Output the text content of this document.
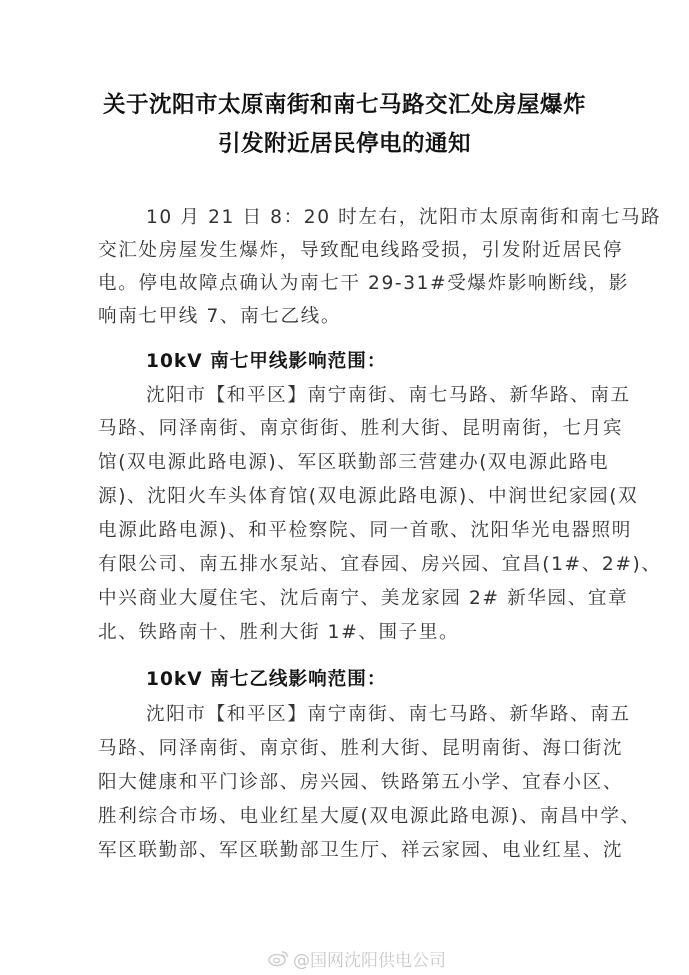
关于沈阳市太原南街和南七马路交汇处房屋爆炸
引发附近居民停电的通知
10 月 21 日 8：20 时左右，沈阳市太原南街和南七马路
交汇处房屋发生爆炸，导致配电线路受损，引发附近居民停
电。停电故障点确认为南七干 29-31#受爆炸影响断线，影
响南七甲线 7、南七乙线。
10kV 南七甲线影响范围：
沈阳市【和平区】南宁南街、南七马路、新华路、南五
马路、同泽南街、南京街街、胜利大街、昆明南街，七月宾
馆(双电源此路电源)、军区联勤部三营建办(双电源此路电
源)、沈阳火车头体育馆(双电源此路电源)、中润世纪家园(双
电源此路电源)、和平检察院、同一首歌、沈阳华光电器照明
有限公司、南五排水泵站、宜春园、房兴园、宜昌(1#、2#)、
中兴商业大厦住宅、沈后南宁、美龙家园 2# 新华园、宜章
北、铁路南十、胜利大街 1#、围子里。
10kV 南七乙线影响范围：
沈阳市【和平区】南宁南街、南七马路、新华路、南五
马路、同泽南街、南京街、胜利大街、昆明南街、海口街沈
阳大健康和平门诊部、房兴园、铁路第五小学、宜春小区、
胜利综合市场、电业红星大厦(双电源此路电源)、南昌中学、
军区联勤部、军区联勤部卫生厅、祥云家园、电业红星、沈
@国网沈阳供电公司
